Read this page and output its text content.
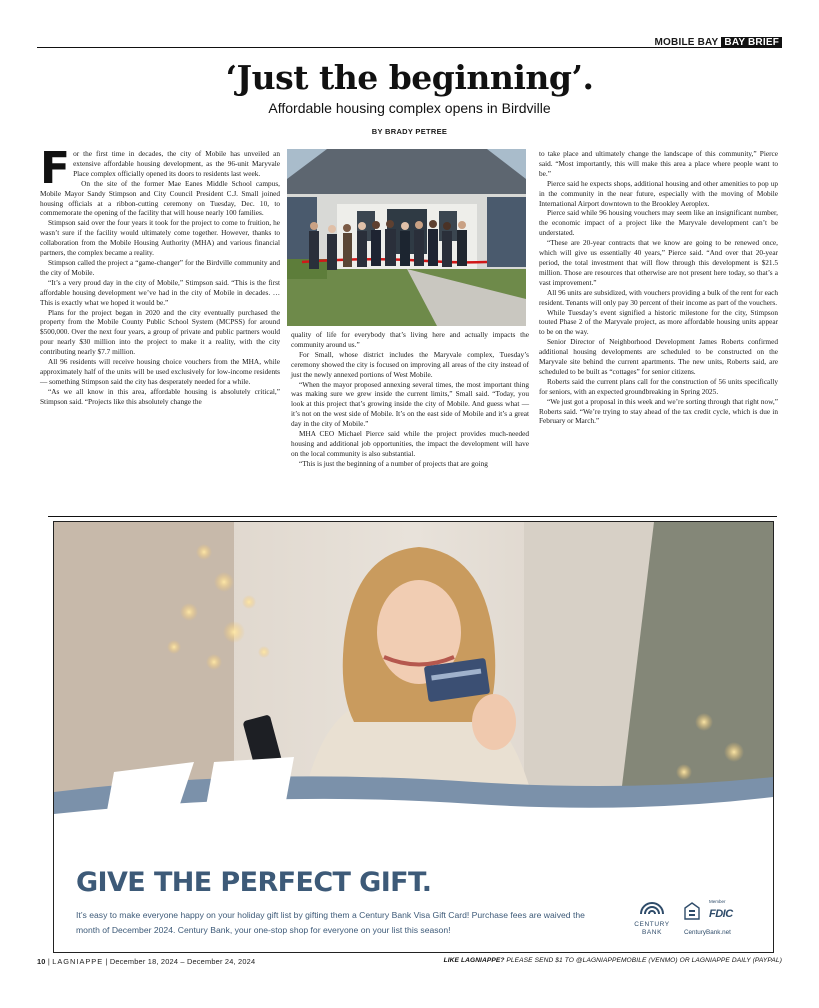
MOBILE BAY BAY BRIEF
‘Just the beginning’.
Affordable housing complex opens in Birdville
BY BRADY PETREE

For the first time in decades, the city of Mobile has unveiled an extensive affordable housing development, as the 96-unit Maryvale Place complex officially opened its doors to residents last week.

On the site of the former Mae Eanes Middle School campus, Mobile Mayor Sandy Stimpson and City Council President C.J. Small joined housing officials at a ribbon-cutting ceremony on Tuesday, Dec. 10, to commemorate the opening of the facility that will house nearly 100 families.

Stimpson said over the four years it took for the project to come to fruition, he wasn’t sure if the facility would ultimately come together. However, thanks to collaboration from the Mobile Housing Authority (MHA) and various financial partners, the complex became a reality.

Stimpson called the project a “game-changer” for the Birdville community and the city of Mobile.

“It’s a very proud day in the city of Mobile,” Stimpson said. “This is the first affordable housing development we’ve had in the city of Mobile in decades. … This is exactly what we hoped it would be.”

Plans for the project began in 2020 and the city eventually purchased the property from the Mobile County Public School System (MCPSS) for around $500,000. Over the next four years, a group of private and public partners would pour nearly $30 million into the project to make it a reality, with the city contributing nearly $7.7 million.

All 96 residents will receive housing choice vouchers from the MHA, while approximately half of the units will be used exclusively for low-income residents — something Stimpson said the city has desperately needed for a while.

“As we all know in this area, affordable housing is absolutely critical,” Stimpson said. “Projects like this absolutely change the

quality of life for everybody that’s living here and actually impacts the community around us.”

For Small, whose district includes the Maryvale complex, Tuesday’s ceremony showed the city is focused on improving all areas of the city instead of just the newly annexed portions of West Mobile.

“When the mayor proposed annexing several times, the most important thing was making sure we grew inside the current limits,” Small said. “Today, you look at this project that’s growing inside the city of Mobile. And guess what — it’s not on the west side of Mobile. It’s on the east side of Mobile and it’s a great day in the city of Mobile.”

MHA CEO Michael Pierce said while the project provides much-needed housing and additional job opportunities, the impact the development will have on the local community is also substantial.

“This is just the beginning of a number of projects that are going

to take place and ultimately change the landscape of this community,” Pierce said. “Most importantly, this will make this area a place where people want to be.”

Pierce said he expects shops, additional housing and other amenities to pop up in the community in the near future, especially with the moving of Mobile International Airport downtown to the Brookley Aeroplex.

Pierce said while 96 housing vouchers may seem like an insignificant number, the economic impact of a project like the Maryvale development can’t be understated.

“These are 20-year contracts that we know are going to be renewed once, which will give us essentially 40 years,” Pierce said. “And over that 20-year period, the total investment that will flow through this development is $21.5 million. Those are resources that otherwise are not present here today, so that’s a vast improvement.”

All 96 units are subsidized, with vouchers providing a bulk of the rent for each resident. Tenants will only pay 30 percent of their income as part of the vouchers.

While Tuesday’s event signified a historic milestone for the city, Stimpson touted Phase 2 of the Maryvale project, as more affordable housing units appear to be on the way.

Senior Director of Neighborhood Development James Roberts confirmed additional housing developments are scheduled to be constructed on the Maryvale site behind the current apartments. The new units, Roberts said, are scheduled to be built as “cottages” for senior citizens.

Roberts said the current plans call for the construction of 56 units specifically for seniors, with an expected groundbreaking in Spring 2025.

“We just got a proposal in this week and we’re sorting through that right now,” Roberts said. “We’re trying to stay ahead of the tax credit cycle, which is due in February or March.”

GIVE THE PERFECT GIFT.
It’s easy to make everyone happy on your holiday gift list by gifting them a Century Bank Visa Gift Card! Purchase fees are waived the month of December 2024. Century Bank, your one-stop shop for everyone on your list this season!
CENTURY
BANK
Member
FDIC
CenturyBank.net
10 | LAGNIAPPE | December 18, 2024 – December 24, 2024	LIKE LAGNIAPPE? PLEASE SEND $1 TO @LAGNIAPPEMOBILE (VENMO) OR LAGNIAPPE DAILY (PAYPAL)
